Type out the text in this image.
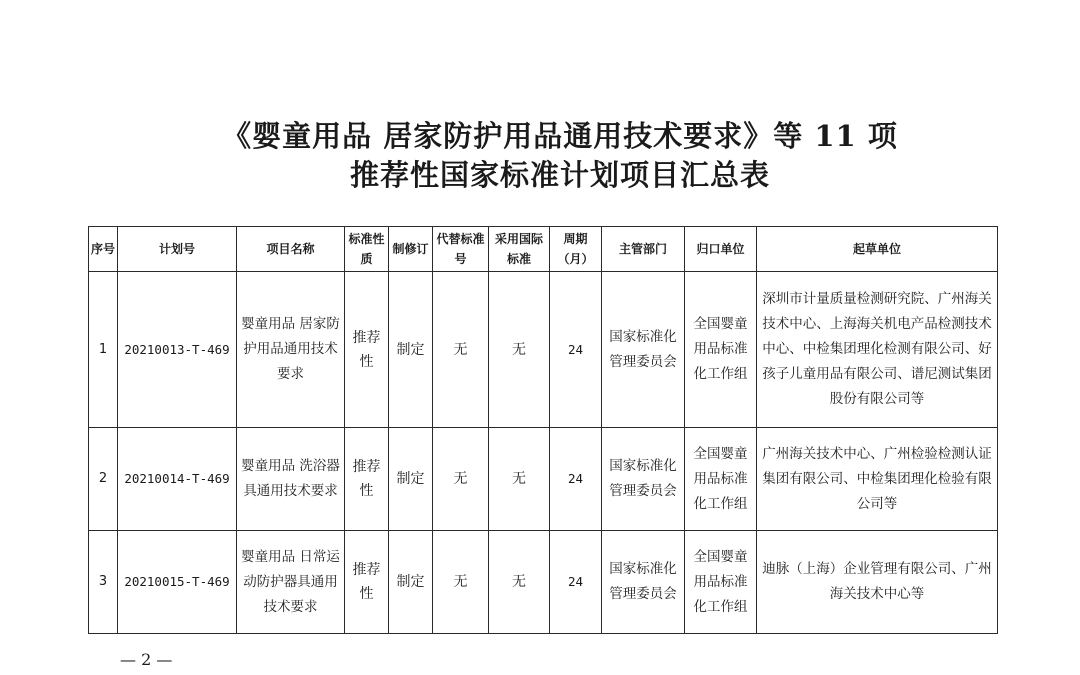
《婴童用品 居家防护用品通用技术要求》等 11 项
推荐性国家标准计划项目汇总表
序号	计划号	项目名称	标准性质	制修订	代替标准号	采用国际标准	周期（月）	主管部门	归口单位	起草单位
1	20210013-T-469	婴童用品 居家防护用品通用技术要求	推荐性	制定	无	无	24	国家标准化管理委员会	全国婴童用品标准化工作组	深圳市计量质量检测研究院、广州海关技术中心、上海海关机电产品检测技术中心、中检集团理化检测有限公司、好孩子儿童用品有限公司、谱尼测试集团股份有限公司等
2	20210014-T-469	婴童用品 洗浴器具通用技术要求	推荐性	制定	无	无	24	国家标准化管理委员会	全国婴童用品标准化工作组	广州海关技术中心、广州检验检测认证集团有限公司、中检集团理化检验有限公司等
3	20210015-T-469	婴童用品 日常运动防护器具通用技术要求	推荐性	制定	无	无	24	国家标准化管理委员会	全国婴童用品标准化工作组	迪脉（上海）企业管理有限公司、广州海关技术中心等
— 2 —
